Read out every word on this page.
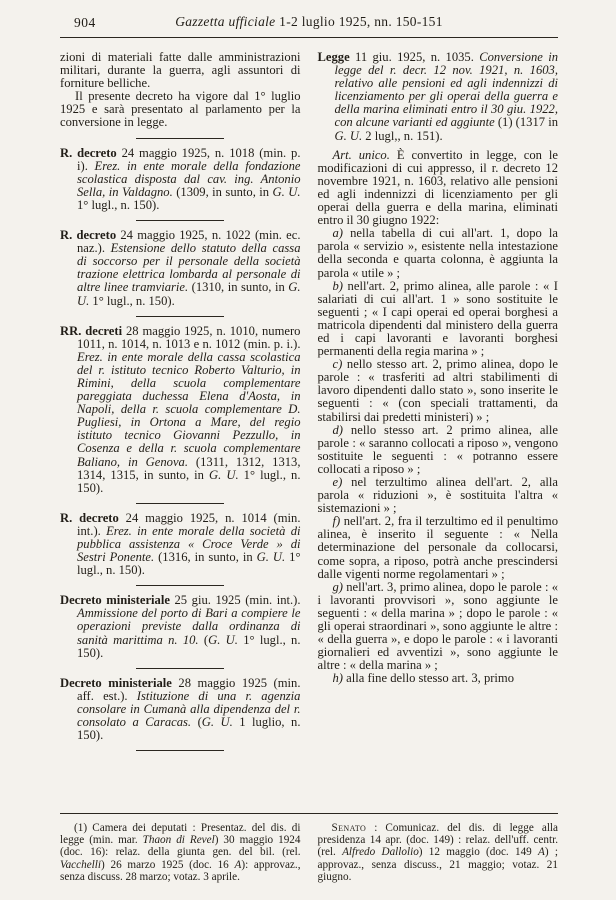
904	Gazzetta ufficiale 1-2 luglio 1925, nn. 150-151

zioni di materiali fatte dalle amministrazioni militari, durante la guerra, agli assuntori di forniture belliche.

Il presente decreto ha vigore dal 1° luglio 1925 e sarà presentato al parlamento per la conversione in legge.

R. decreto 24 maggio 1925, n. 1018 (min. p. i). Erez. in ente morale della fondazione scolastica disposta dal cav. ing. Antonio Sella, in Valdagno. (1309, in sunto, in G. U. 1° lugl., n. 150).

R. decreto 24 maggio 1925, n. 1022 (min. ec. naz.). Estensione dello statuto della cassa di soccorso per il personale della società trazione elettrica lombarda al personale di altre linee tramviarie. (1310, in sunto, in G. U. 1° lugl., n. 150).

RR. decreti 28 maggio 1925, n. 1010, numero 1011, n. 1014, n. 1013 e n. 1012 (min. p. i.). Erez. in ente morale della cassa scolastica del r. istituto tecnico Roberto Valturio, in Rimini, della scuola complementare pareggiata duchessa Elena d'Aosta, in Napoli, della r. scuola complementare D. Pugliesi, in Ortona a Mare, del regio istituto tecnico Giovanni Pezzullo, in Cosenza e della r. scuola complementare Baliano, in Genova. (1311, 1312, 1313, 1314, 1315, in sunto, in G. U. 1° lugl., n. 150).

R. decreto 24 maggio 1925, n. 1014 (min. int.). Erez. in ente morale della società di pubblica assistenza « Croce Verde » di Sestri Ponente. (1316, in sunto, in G. U. 1° lugl., n. 150).

Decreto ministeriale 25 giu. 1925 (min. int.). Ammissione del porto di Bari a compiere le operazioni previste dalla ordinanza di sanità marittima n. 10. (G. U. 1° lugl., n. 150).

Decreto ministeriale 28 maggio 1925 (min. aff. est.). Istituzione di una r. agenzia consolare in Cumanà alla dipendenza del r. consolato a Caracas. (G. U. 1 luglio, n. 150).

Legge 11 giu. 1925, n. 1035. Conversione in legge del r. decr. 12 nov. 1921, n. 1603, relativo alle pensioni ed agli indennizzi di licenziamento per gli operai della guerra e della marina eliminati entro il 30 giu. 1922, con alcune varianti ed aggiunte (1) (1317 in G. U. 2 lugl,, n. 151).

Art. unico. È convertito in legge, con le modificazioni di cui appresso, il r. decreto 12 novembre 1921, n. 1603, relativo alle pensioni ed agli indennizzi di licenziamento per gli operai della guerra e della marina, eliminati entro il 30 giugno 1922:

a) nella tabella di cui all'art. 1, dopo la parola « servizio », esistente nella intestazione della seconda e quarta colonna, è aggiunta la parola « utile » ;

b) nell'art. 2, primo alinea, alle parole : « I salariati di cui all'art. 1 » sono sostituite le seguenti ; « I capi operai ed operai borghesi a matricola dipendenti dal ministero della guerra ed i capi lavoranti e lavoranti borghesi permanenti della regia marina » ;

c) nello stesso art. 2, primo alinea, dopo le parole : « trasferiti ad altri stabilimenti di lavoro dipendenti dallo stato », sono inserite le seguenti : « (con speciali trattamenti, da stabilirsi dai predetti ministeri) » ;

d) nello stesso art. 2 primo alinea, alle parole : « saranno collocati a riposo », vengono sostituite le seguenti : « potranno essere collocati a riposo » ;

e) nel terzultimo alinea dell'art. 2, alla parola « riduzioni », è sostituita l'altra « sistemazioni » ;

f) nell'art. 2, fra il terzultimo ed il penultimo alinea, è inserito il seguente : « Nella determinazione del personale da collocarsi, come sopra, a riposo, potrà anche prescindersi dalle vigenti norme regolamentari » ;

g) nell'art. 3, primo alinea, dopo le parole : « i lavoranti provvisori », sono aggiunte le seguenti : « della marina » ; dopo le parole : « gli operai straordinari », sono aggiunte le altre : « della guerra », e dopo le parole : « i lavoranti giornalieri ed avventizi », sono aggiunte le altre : « della marina » ;

h) alla fine dello stesso art. 3, primo

(1) Camera dei deputati : Presentaz. del dis. di legge (min. mar. Thaon di Revel) 30 maggio 1924 (doc. 16): relaz. della giunta gen. del bil. (rel. Vacchelli) 26 marzo 1925 (doc. 16 A): approvaz., senza discuss. 28 marzo; votaz. 3 aprile.

Senato : Comunicaz. del dis. di legge alla presidenza 14 apr. (doc. 149) : relaz. dell'uff. centr. (rel. Alfredo Dallolio) 12 maggio (doc. 149 A) ; approvaz., senza discuss., 21 maggio; votaz. 21 giugno.
